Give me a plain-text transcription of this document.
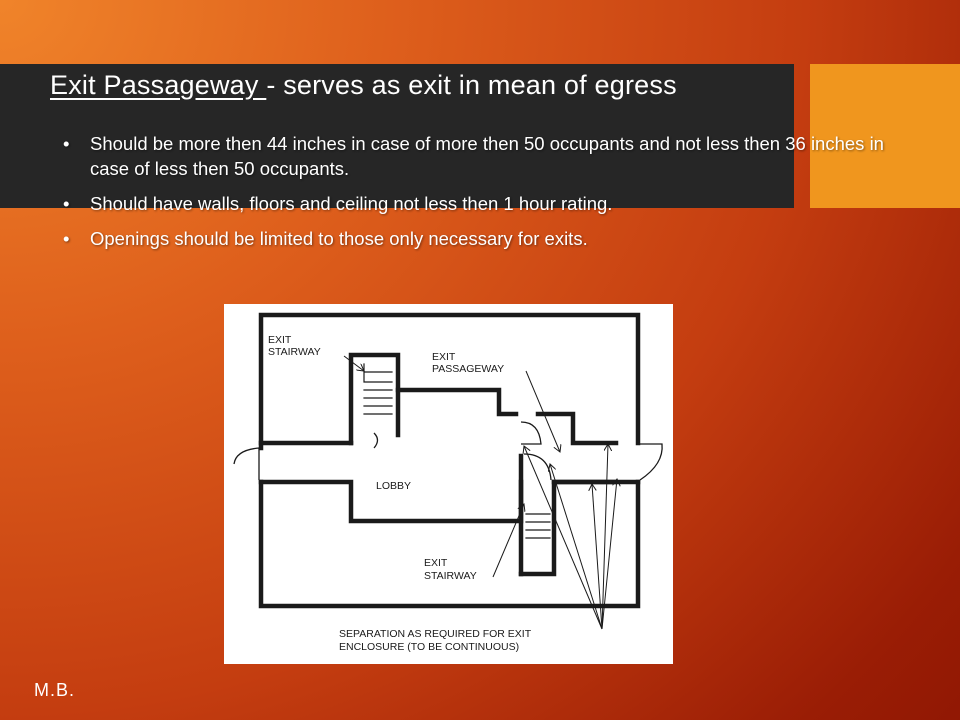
Exit Passageway - serves as exit in mean of egress
• Should be more then 44 inches in case of more then 50 occupants and not less then 36 inches in case of less then 50 occupants.
• Should have walls, floors and ceiling not less then 1 hour rating.
• Openings should be limited to those only necessary for exits.
EXIT
STAIRWAY	EXIT
PASSAGEWAY
LOBBY
EXIT
STAIRWAY
SEPARATION AS REQUIRED FOR EXIT
ENCLOSURE (TO BE CONTINUOUS)
M.B.
